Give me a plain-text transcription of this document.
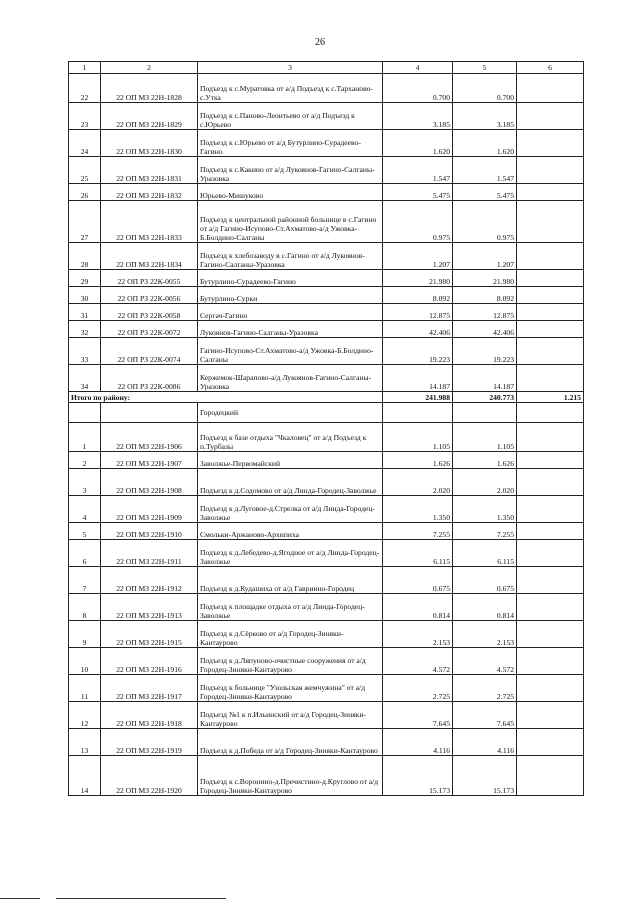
26
1	2	3	4	5	6
22	22 ОП МЗ 22Н-1828	Подъезд к с.Муратовка от а/д Подъезд к с.Тарханово-с.Утка	0.700	0.700	
23	22 ОП МЗ 22Н-1829	Подъезд к с.Паново-Леонтьево от а/д Подъезд к с.Юрьево	3.185	3.185	
24	22 ОП МЗ 22Н-1830	Подъезд к с.Юрьево от а/д Бутурлино-Сурадеево-Гагино	1.620	1.620	
25	22 ОП МЗ 22Н-1831	Подъезд к с.Какино от а/д Лукоянов-Гагино-Салганы-Уразовка	1.547	1.547	
26	22 ОП МЗ 22Н-1832	Юрьево-Мишуково	5.475	5.475	
27	22 ОП МЗ 22Н-1833	Подъезд к центральной районной больнице в с.Гагино от а/д Гагино-Исупово-Ст.Ахматово-а/д Ужовка-Б.Болдино-Салганы	0.975	0.975	
28	22 ОП МЗ 22Н-1834	Подъезд к хлебозаводу в с.Гагино от а/д Лукоянов-Гагино-Салганы-Уразовка	1.207	1.207	
29	22 ОП РЗ 22К-0055	Бутурлино-Сурадеево-Гагино	21.980	21.980	
30	22 ОП РЗ 22К-0056	Бутурлино-Сурки	8.092	8.092	
31	22 ОП РЗ 22К-0058	Сергач-Гагино	12.875	12.875	
32	22 ОП РЗ 22К-0072	Лукоянов-Гагино-Салганы-Уразовка	42.406	42.406	
33	22 ОП РЗ 22К-0074	Гагино-Исупово-Ст.Ахматово-а/д Ужовка-Б.Болдино-Салганы	19.223	19.223	
34	22 ОП РЗ 22К-0086	Кержемок-Шарапово-а/д Лукоянов-Гагино-Салганы-Уразовка	14.187	14.187	
Итого по району:			241.988	240.773	1.215
		Городецкий			
1	22 ОП МЗ 22Н-1906	Подъезд к базе отдыха "Чкаловец" от а/д Подъезд к п.Турбазы	1.105	1.105	
2	22 ОП МЗ 22Н-1907	Заволжье-Первомайский	1.626	1.626	
3	22 ОП МЗ 22Н-1908	Подъезд к д.Содомово от а/д Линда-Городец-Заволжье	2.020	2.020	
4	22 ОП МЗ 22Н-1909	Подъезд к д.Луговое-д.Стрелка от а/д Линда-Городец-Заволжье	1.350	1.350	
5	22 ОП МЗ 22Н-1910	Смольки-Аржаново-Архипиха	7.255	7.255	
6	22 ОП МЗ 22Н-1911	Подъезд к д.Лебедево-д.Ягодное от а/д Линда-Городец-Заволжье	6.115	6.115	
7	22 ОП МЗ 22Н-1912	Подъезд к д.Кудашиха от а/д Гавриино-Городец	0.675	0.675	
8	22 ОП МЗ 22Н-1913	Подъезд к площадке отдыха от а/д Линда-Городец-Заволжье	0.814	0.814	
9	22 ОП МЗ 22Н-1915	Подъезд к д.Сёрково от а/д Городец-Зиняки-Кантаурово	2.153	2.153	
10	22 ОП МЗ 22Н-1916	Подъезд к д.Ляпуново-очистные сооружения от а/д Городец-Зиняки-Кантаурово	4.572	4.572	
11	22 ОП МЗ 22Н-1917	Подъезд к больнице "Узольская жемчужина" от а/д Городец-Зиняки-Кантаурово	2.725	2.725	
12	22 ОП МЗ 22Н-1918	Подъезд №1 к п.Ильинский от а/д Городец-Зиняки-Кантаурово	7.645	7.645	
13	22 ОП МЗ 22Н-1919	Подъезд к д.Победа от а/д Городец-Зиняки-Кантаурово	4.116	4.116	
14	22 ОП МЗ 22Н-1920	Подъезд к с.Воронино-д.Пречистино-д.Круглово от а/д Городец-Зиняки-Кантаурово	15.173	15.173	
